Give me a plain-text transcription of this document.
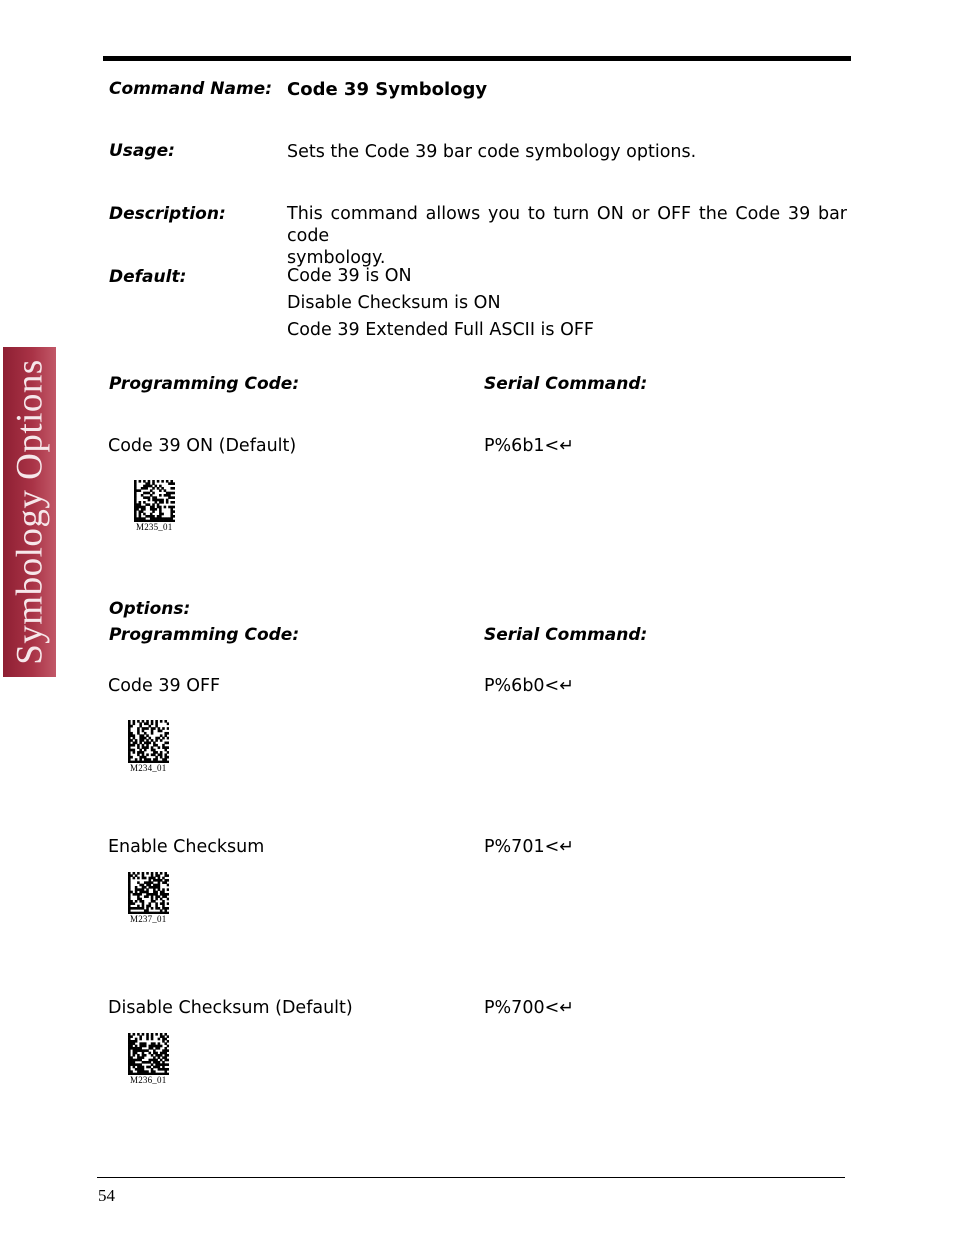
Symbology Options
Command Name: Code 39 Symbology
Usage:	Sets the Code 39 bar code symbology options.
Description:	This command allows you to turn ON or OFF the Code 39 bar code
symbology.
Default:	Code 39 is ON
Disable Checksum is ON
Code 39 Extended Full ASCII is OFF
Programming Code:	Serial Command:
Code 39 ON (Default)	P%6b1<↵
M235_01
Options:
Programming Code:	Serial Command:
Code 39 OFF	P%6b0<↵
M234_01
Enable Checksum	P%701<↵
M237_01
Disable Checksum (Default)	P%700<↵
M236_01
54
